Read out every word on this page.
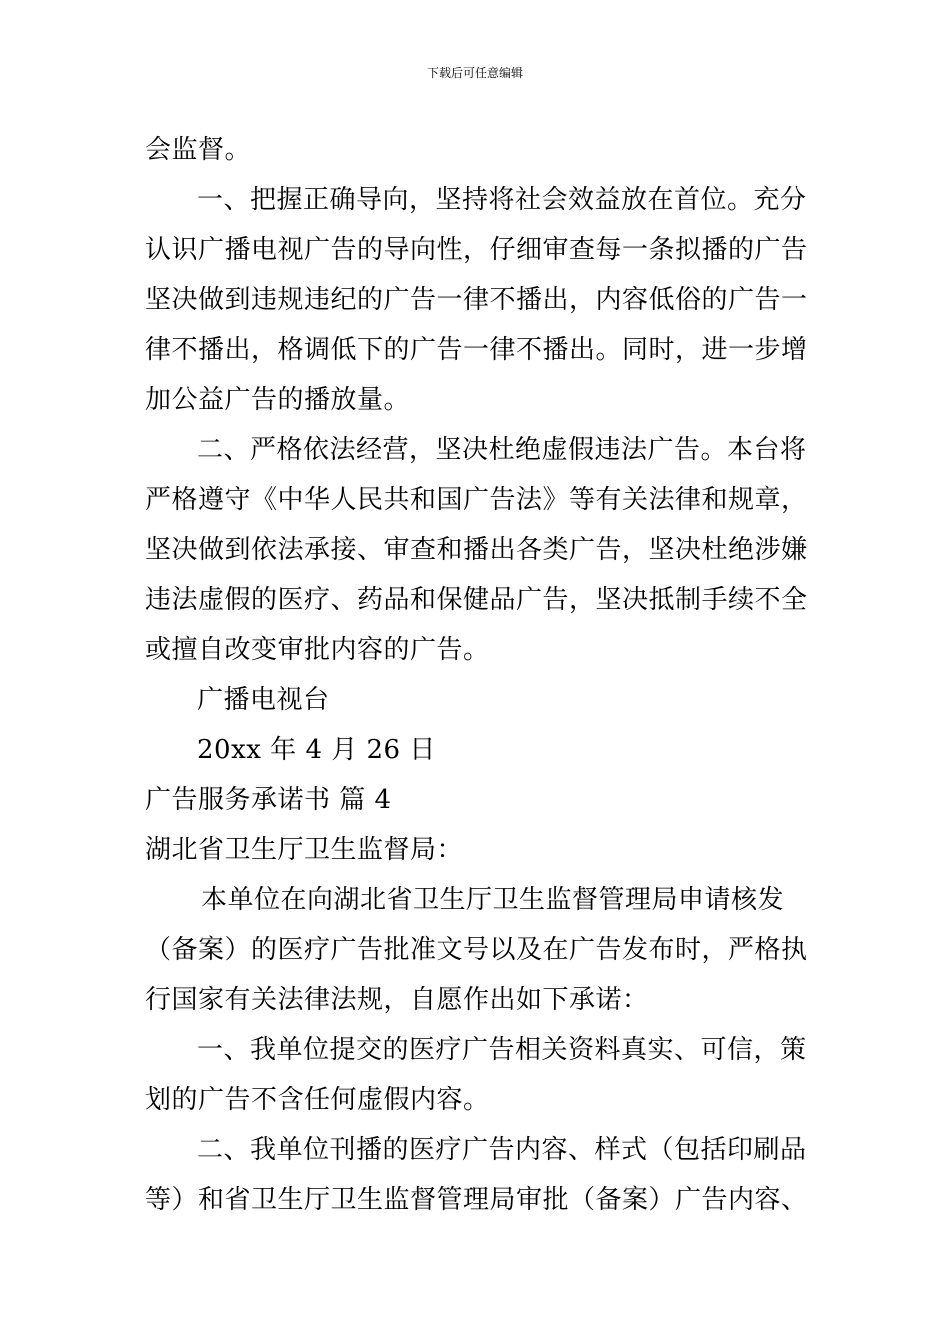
下载后可任意编辑
会监督。
一、把握正确导向，坚持将社会效益放在首位。充分
认识广播电视广告的导向性，仔细审查每一条拟播的广告
坚决做到违规违纪的广告一律不播出，内容低俗的广告一
律不播出，格调低下的广告一律不播出。同时，进一步增
加公益广告的播放量。
二、严格依法经营，坚决杜绝虚假违法广告。本台将
严格遵守《中华人民共和国广告法》等有关法律和规章，
坚决做到依法承接、审查和播出各类广告，坚决杜绝涉嫌
违法虚假的医疗、药品和保健品广告，坚决抵制手续不全
或擅自改变审批内容的广告。
广播电视台
20xx 年 4 月 26 日
广告服务承诺书 篇 4
湖北省卫生厅卫生监督局：
本单位在向湖北省卫生厅卫生监督管理局申请核发
（备案）的医疗广告批准文号以及在广告发布时，严格执
行国家有关法律法规，自愿作出如下承诺：
一、我单位提交的医疗广告相关资料真实、可信，策
划的广告不含任何虚假内容。
二、我单位刊播的医疗广告内容、样式（包括印刷品
等）和省卫生厅卫生监督管理局审批（备案）广告内容、
